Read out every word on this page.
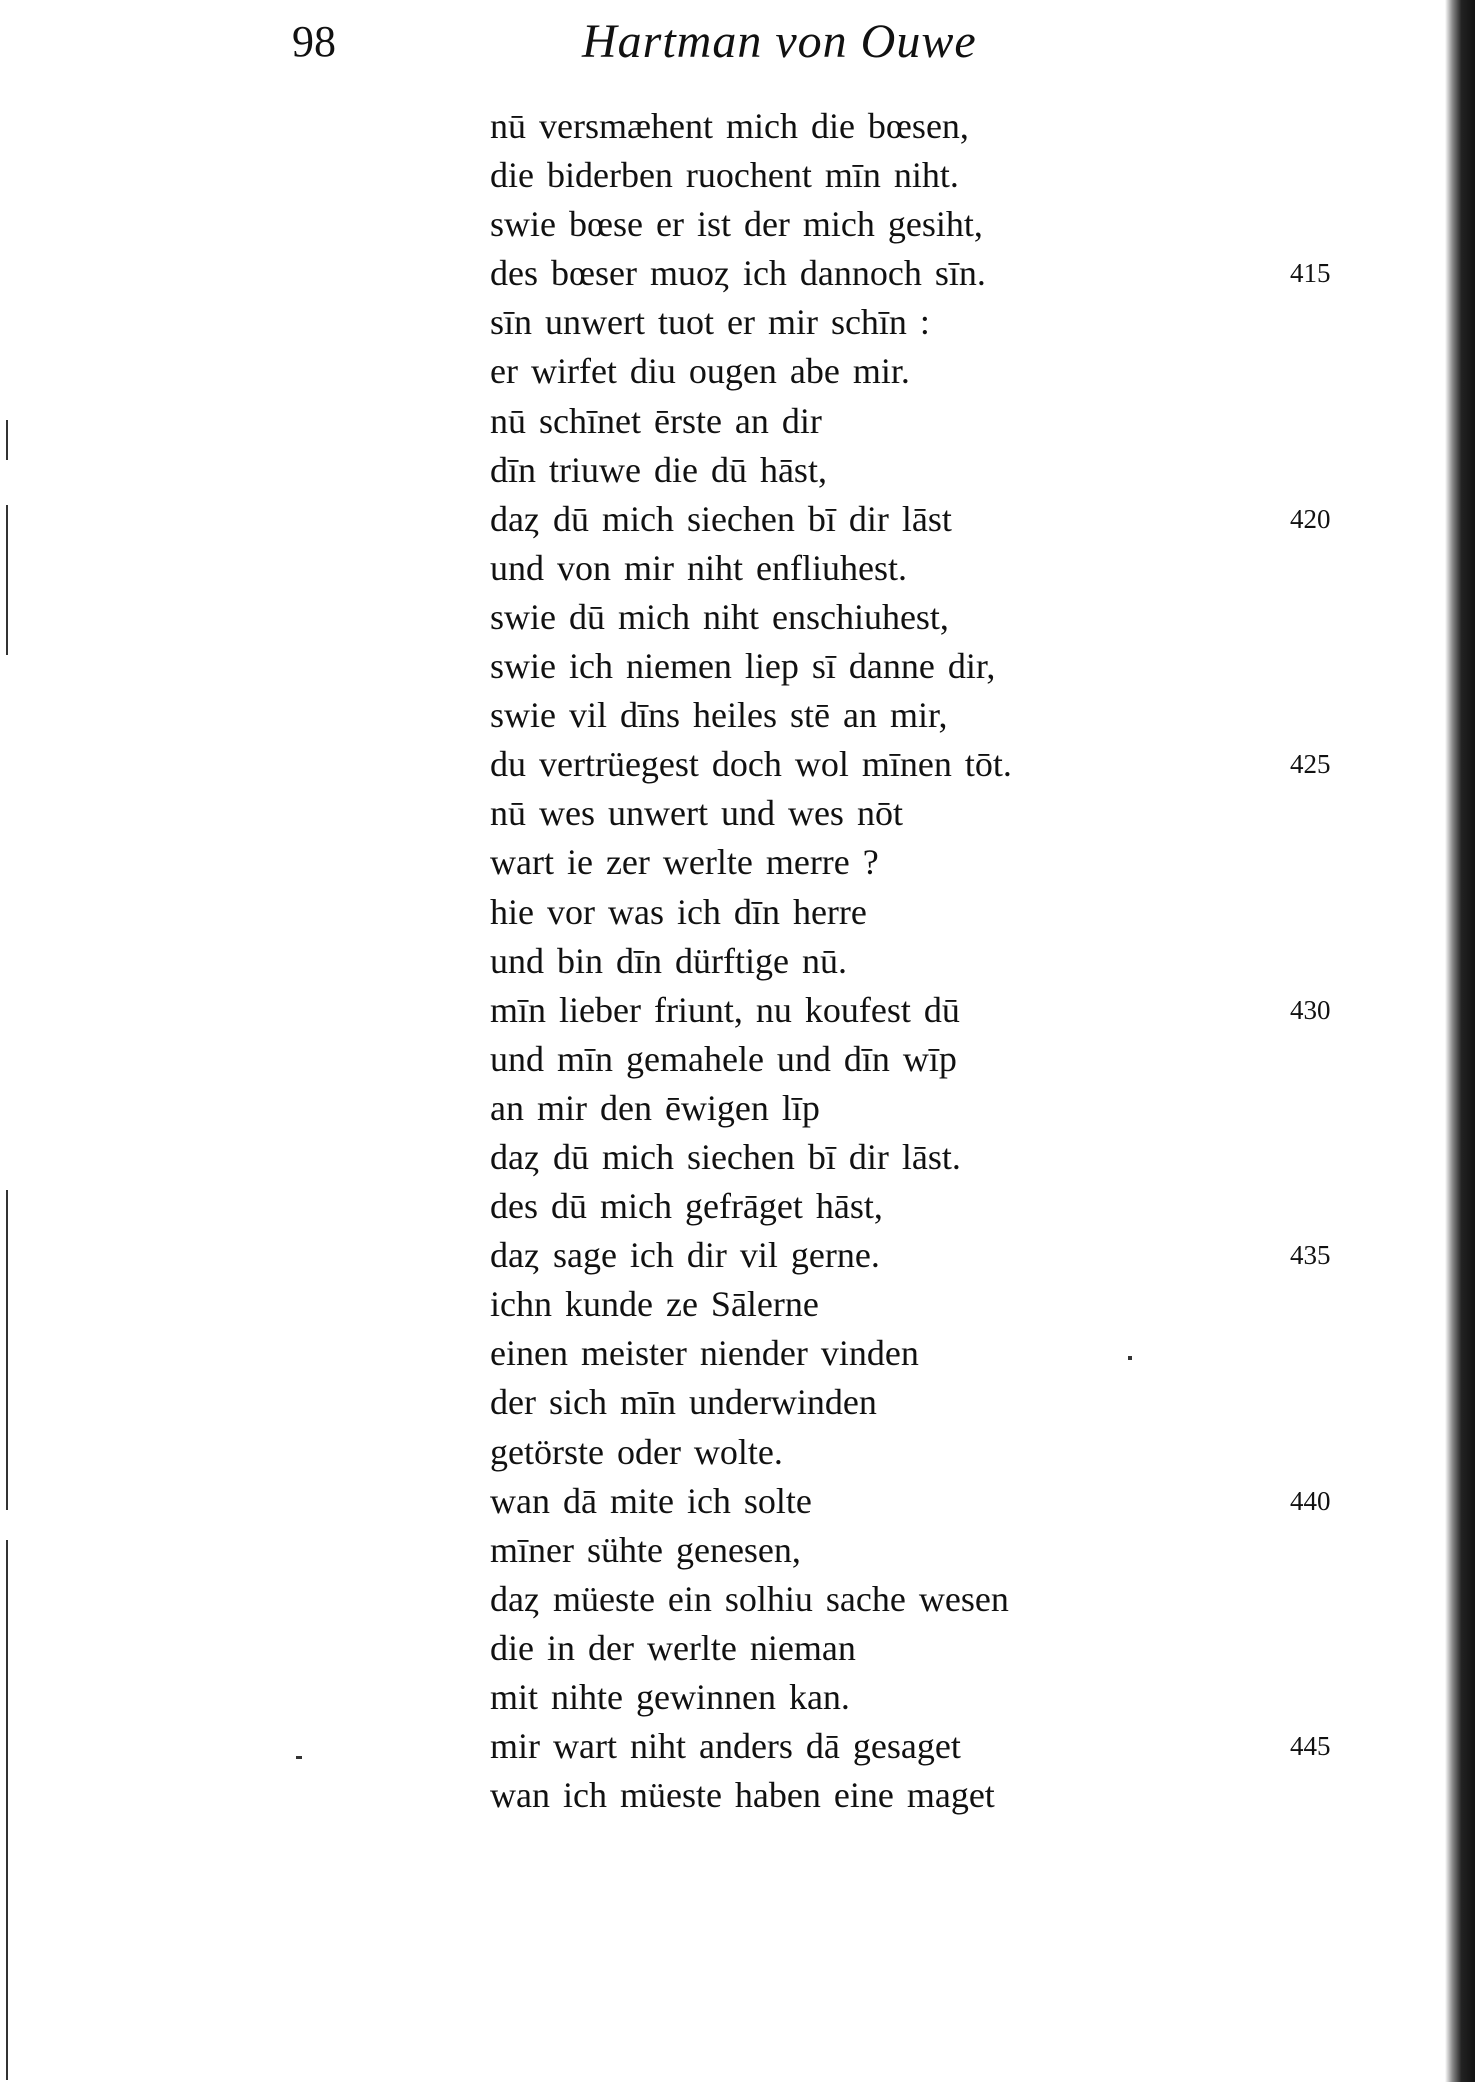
98	Hartman von Ouwe
nū versmæhent mich die bœsen,
die biderben ruochent mīn niht.
swie bœse er ist der mich gesiht,
des bœser muoȥ ich dannoch sīn.
sīn unwert tuot er mir schīn :
er wirfet diu ougen abe mir.
nū schīnet ērste an dir
dīn triuwe die dū hāst,
daȥ dū mich siechen bī dir lāst
und von mir niht enfliuhest.
swie dū mich niht enschiuhest,
swie ich niemen liep sī danne dir,
swie vil dīns heiles stē an mir,
du vertrüegest doch wol mīnen tōt.
nū wes unwert und wes nōt
wart ie zer werlte merre ?
hie vor was ich dīn herre
und bin dīn dürftige nū.
mīn lieber friunt, nu koufest dū
und mīn gemahele und dīn wīp
an mir den ēwigen līp
daȥ dū mich siechen bī dir lāst.
des dū mich gefrāget hāst,
daȥ sage ich dir vil gerne.
ichn kunde ze Sālerne
einen meister niender vinden
der sich mīn underwinden
getörste oder wolte.
wan dā mite ich solte
mīner sühte genesen,
daȥ müeste ein solhiu sache wesen
die in der werlte nieman
mit nihte gewinnen kan.
mir wart niht anders dā gesaget
wan ich müeste haben eine maget
415
420
425
430
435
440
445
